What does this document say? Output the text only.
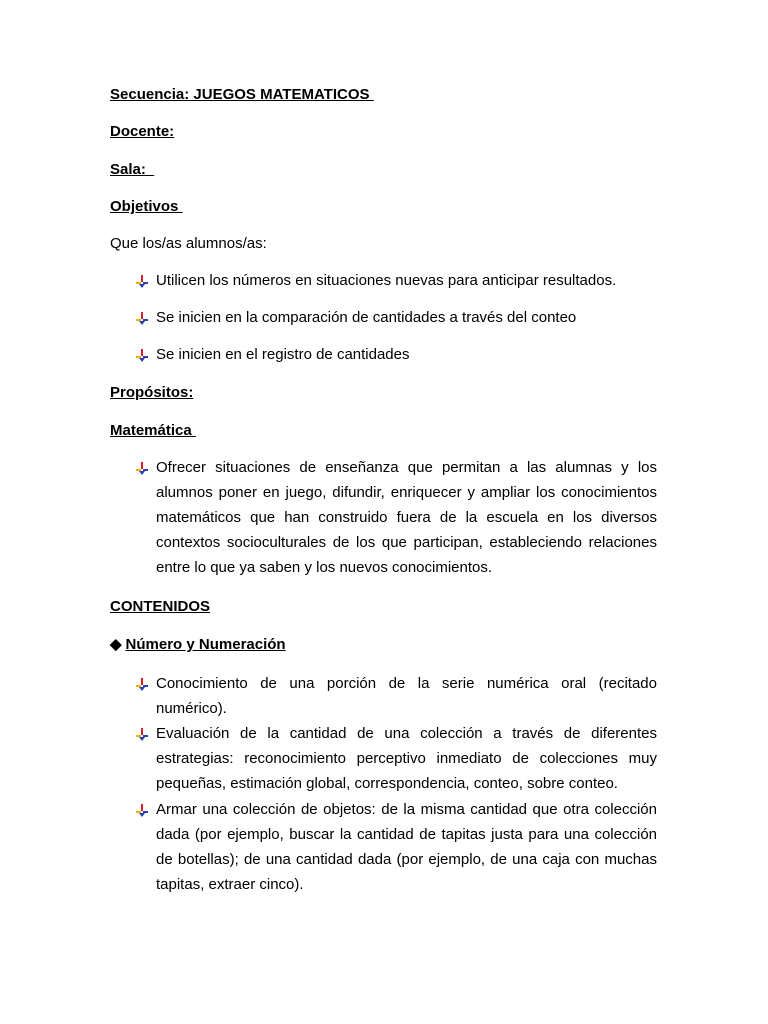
Secuencia: JUEGOS MATEMATICOS
Docente:
Sala:
Objetivos
Que los/as alumnos/as:
Utilicen los números en situaciones nuevas para anticipar resultados.
Se inicien en la comparación de cantidades a través del conteo
Se inicien en el registro de cantidades
Propósitos:
Matemática
Ofrecer situaciones de enseñanza que permitan a las alumnas y los alumnos poner en juego, difundir, enriquecer y ampliar los conocimientos matemáticos que han construido fuera de la escuela en los diversos contextos socioculturales de los que participan, estableciendo relaciones entre lo que ya saben y los nuevos conocimientos.
CONTENIDOS
◆ Número y Numeración
Conocimiento de una porción de la serie numérica oral (recitado numérico).
Evaluación de la cantidad de una colección a través de diferentes estrategias: reconocimiento perceptivo inmediato de colecciones muy pequeñas, estimación global, correspondencia, conteo, sobre conteo.
Armar una colección de objetos: de la misma cantidad que otra colección dada (por ejemplo, buscar la cantidad de tapitas justa para una colección de botellas); de una cantidad dada (por ejemplo, de una caja con muchas tapitas, extraer cinco).
